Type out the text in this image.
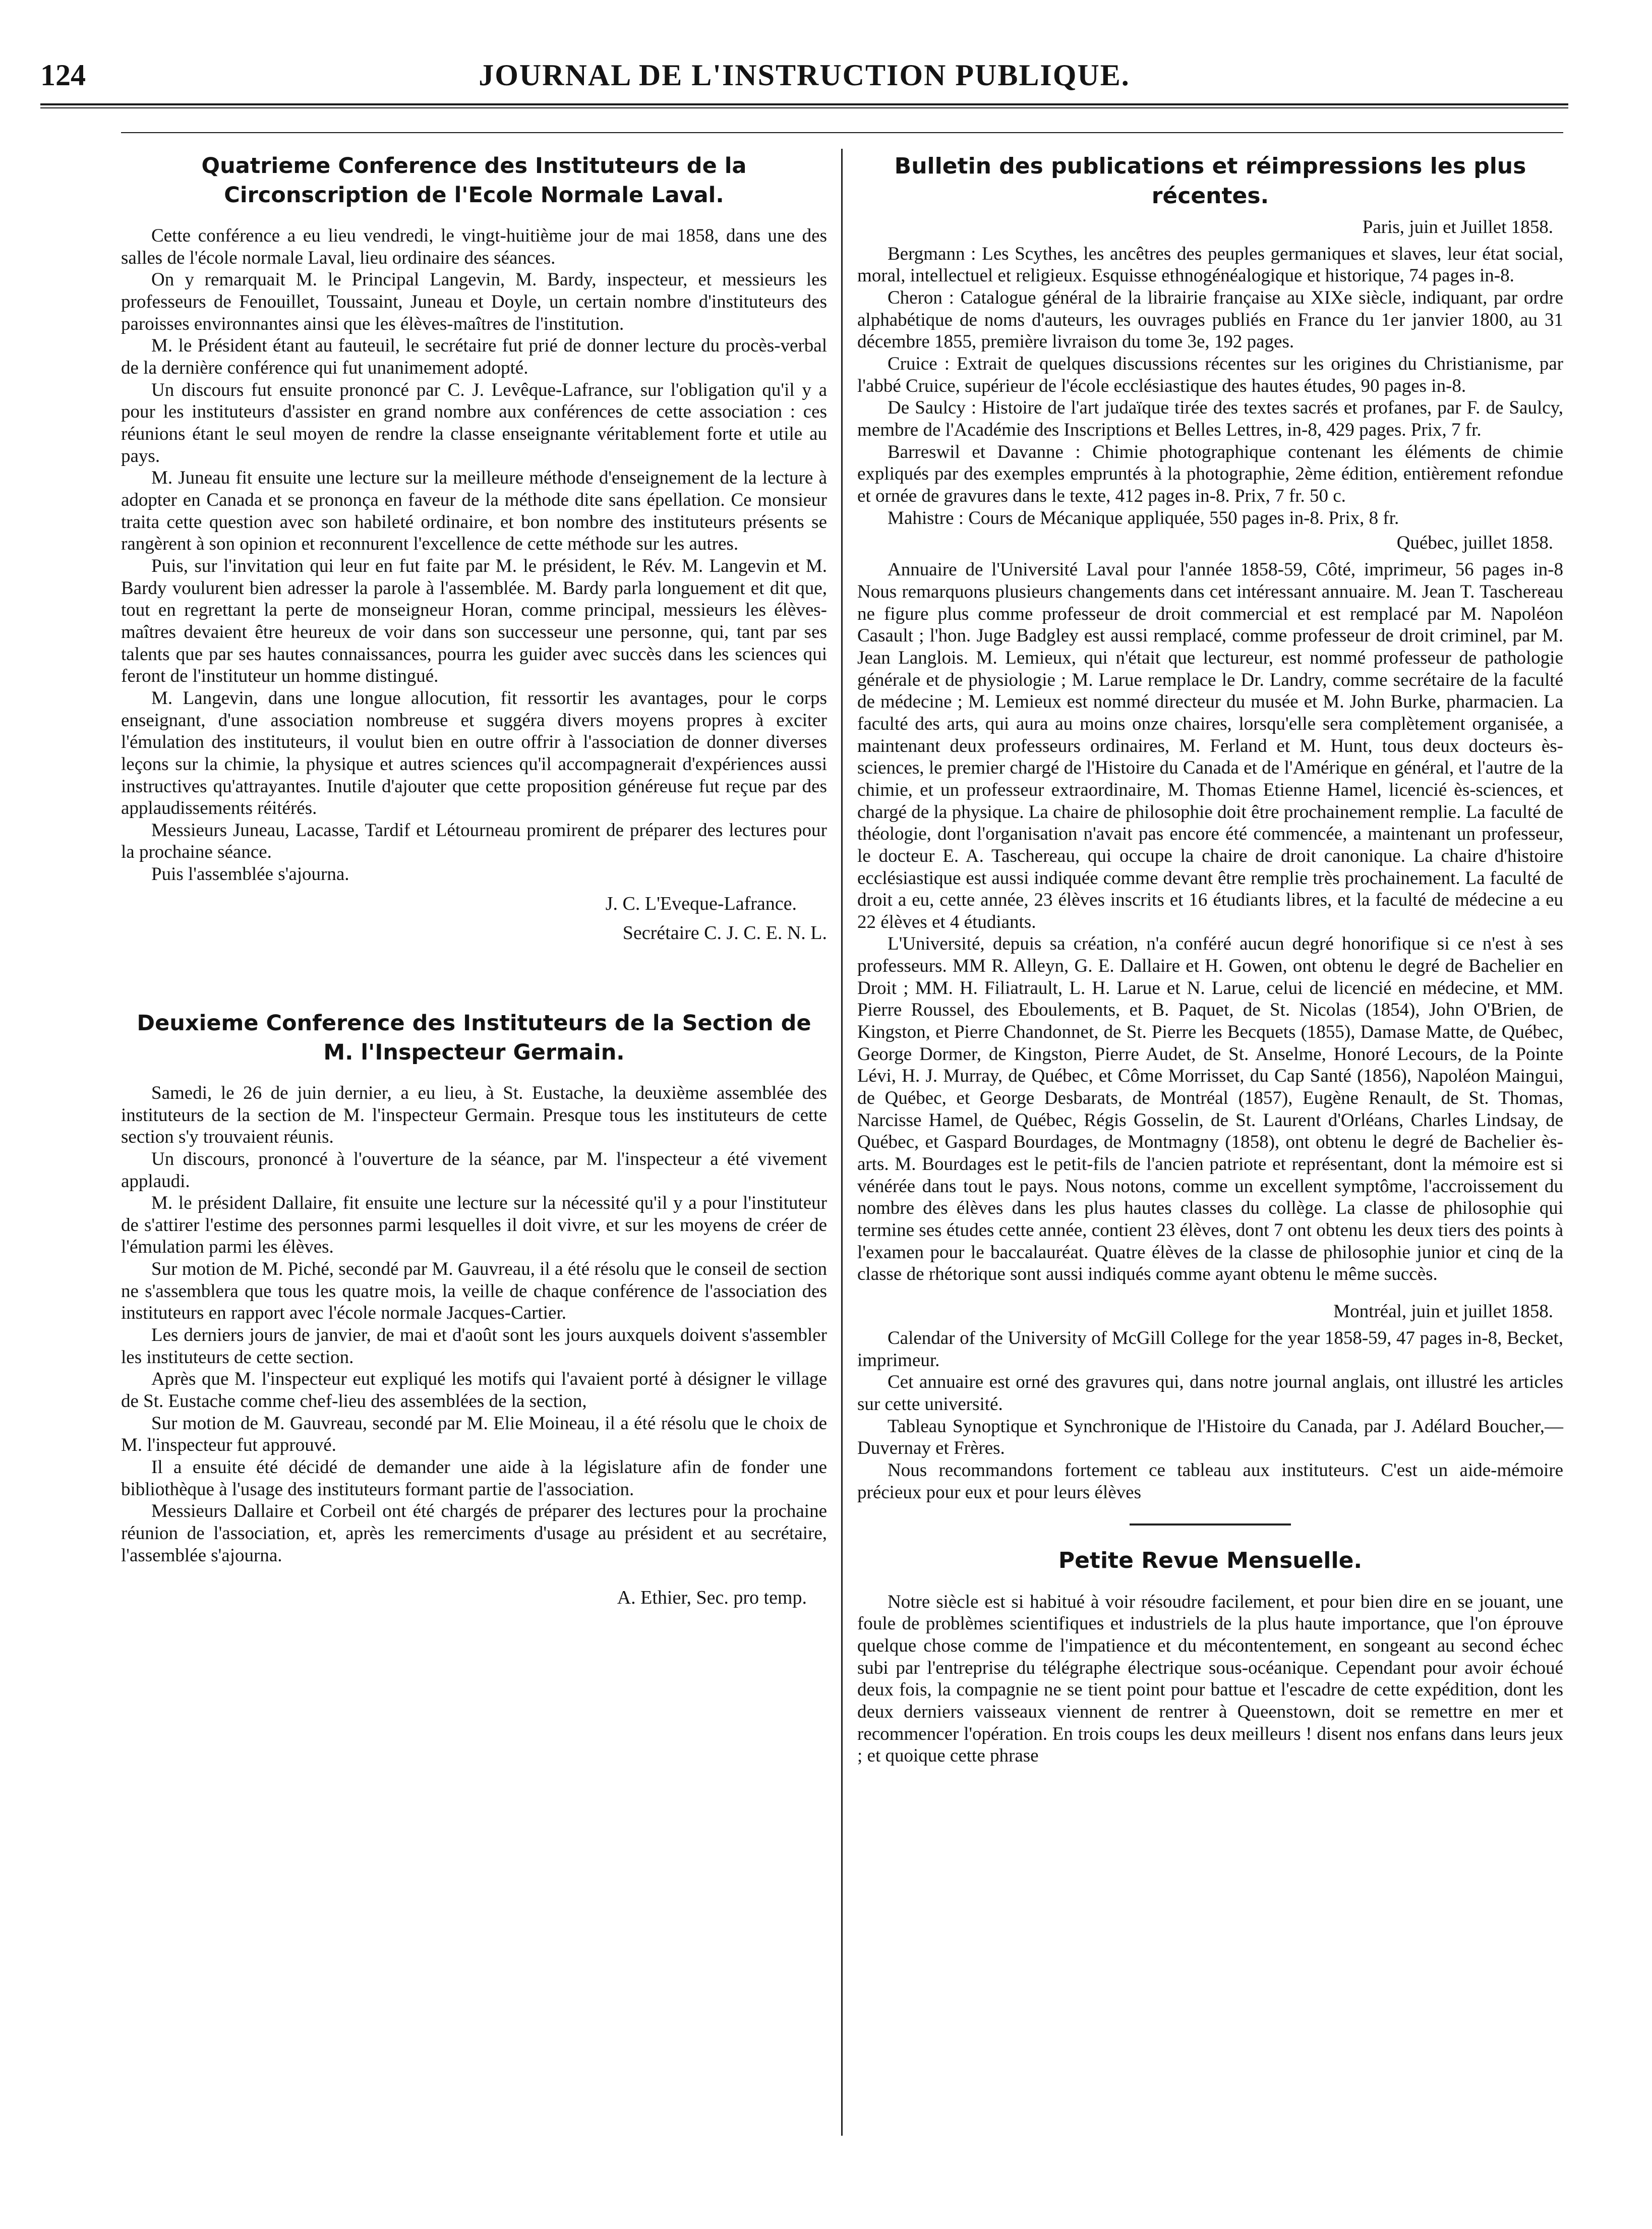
124	JOURNAL DE L'INSTRUCTION PUBLIQUE.
Quatrieme Conference des Instituteurs de la Circonscription de l'Ecole Normale Laval.

Cette conférence a eu lieu vendredi, le vingt-huitième jour de mai 1858, dans une des salles de l'école normale Laval, lieu ordinaire des séances.

On y remarquait M. le Principal Langevin, M. Bardy, inspecteur, et messieurs les professeurs de Fenouillet, Toussaint, Juneau et Doyle, un certain nombre d'instituteurs des paroisses environnantes ainsi que les élèves-maîtres de l'institution.

M. le Président étant au fauteuil, le secrétaire fut prié de donner lecture du procès-verbal de la dernière conférence qui fut unanimement adopté.

Un discours fut ensuite prononcé par C. J. Levêque-Lafrance, sur l'obligation qu'il y a pour les instituteurs d'assister en grand nombre aux conférences de cette association : ces réunions étant le seul moyen de rendre la classe enseignante véritablement forte et utile au pays.

M. Juneau fit ensuite une lecture sur la meilleure méthode d'enseignement de la lecture à adopter en Canada et se prononça en faveur de la méthode dite sans épellation. Ce monsieur traita cette question avec son habileté ordinaire, et bon nombre des instituteurs présents se rangèrent à son opinion et reconnurent l'excellence de cette méthode sur les autres.

Puis, sur l'invitation qui leur en fut faite par M. le président, le Rév. M. Langevin et M. Bardy voulurent bien adresser la parole à l'assemblée. M. Bardy parla longuement et dit que, tout en regrettant la perte de monseigneur Horan, comme principal, messieurs les élèves-maîtres devaient être heureux de voir dans son successeur une personne, qui, tant par ses talents que par ses hautes connaissances, pourra les guider avec succès dans les sciences qui feront de l'instituteur un homme distingué.

M. Langevin, dans une longue allocution, fit ressortir les avantages, pour le corps enseignant, d'une association nombreuse et suggéra divers moyens propres à exciter l'émulation des instituteurs, il voulut bien en outre offrir à l'association de donner diverses leçons sur la chimie, la physique et autres sciences qu'il accompagnerait d'expériences aussi instructives qu'attrayantes. Inutile d'ajouter que cette proposition généreuse fut reçue par des applaudissements réitérés.

Messieurs Juneau, Lacasse, Tardif et Létourneau promirent de préparer des lectures pour la prochaine séance.

Puis l'assemblée s'ajourna.

J. C. L'Eveque-Lafrance.
Secrétaire C. J. C. E. N. L.
Deuxieme Conference des Instituteurs de la Section de M. l'Inspecteur Germain.

Samedi, le 26 de juin dernier, a eu lieu, à St. Eustache, la deuxième assemblée des instituteurs de la section de M. l'inspecteur Germain. Presque tous les instituteurs de cette section s'y trouvaient réunis.

Un discours, prononcé à l'ouverture de la séance, par M. l'inspecteur a été vivement applaudi.

M. le président Dallaire, fit ensuite une lecture sur la nécessité qu'il y a pour l'instituteur de s'attirer l'estime des personnes parmi lesquelles il doit vivre, et sur les moyens de créer de l'émulation parmi les élèves.

Sur motion de M. Piché, secondé par M. Gauvreau, il a été résolu que le conseil de section ne s'assemblera que tous les quatre mois, la veille de chaque conférence de l'association des instituteurs en rapport avec l'école normale Jacques-Cartier.

Les derniers jours de janvier, de mai et d'août sont les jours auxquels doivent s'assembler les instituteurs de cette section.

Après que M. l'inspecteur eut expliqué les motifs qui l'avaient porté à désigner le village de St. Eustache comme chef-lieu des assemblées de la section,

Sur motion de M. Gauvreau, secondé par M. Elie Moineau, il a été résolu que le choix de M. l'inspecteur fut approuvé.

Il a ensuite été décidé de demander une aide à la législature afin de fonder une bibliothèque à l'usage des instituteurs formant partie de l'association.

Messieurs Dallaire et Corbeil ont été chargés de préparer des lectures pour la prochaine réunion de l'association, et, après les remerciments d'usage au président et au secrétaire, l'assemblée s'ajourna.

A. Ethier, Sec. pro temp.
Bulletin des publications et réimpressions les plus récentes.
Paris, juin et Juillet 1858.

Bergmann : Les Scythes, les ancêtres des peuples germaniques et slaves, leur état social, moral, intellectuel et religieux. Esquisse ethnogénéalogique et historique, 74 pages in-8.

Cheron : Catalogue général de la librairie française au XIXe siècle, indiquant, par ordre alphabétique de noms d'auteurs, les ouvrages publiés en France du 1er janvier 1800, au 31 décembre 1855, première livraison du tome 3e, 192 pages.

Cruice : Extrait de quelques discussions récentes sur les origines du Christianisme, par l'abbé Cruice, supérieur de l'école ecclésiastique des hautes études, 90 pages in-8.

De Saulcy : Histoire de l'art judaïque tirée des textes sacrés et profanes, par F. de Saulcy, membre de l'Académie des Inscriptions et Belles Lettres, in-8, 429 pages. Prix, 7 fr.

Barreswil et Davanne : Chimie photographique contenant les éléments de chimie expliqués par des exemples empruntés à la photographie, 2ème édition, entièrement refondue et ornée de gravures dans le texte, 412 pages in-8. Prix, 7 fr. 50 c.

Mahistre : Cours de Mécanique appliquée, 550 pages in-8. Prix, 8 fr.

Québec, juillet 1858.

Annuaire de l'Université Laval pour l'année 1858-59, Côté, imprimeur, 56 pages in-8 Nous remarquons plusieurs changements dans cet intéressant annuaire. M. Jean T. Taschereau ne figure plus comme professeur de droit commercial et est remplacé par M. Napoléon Casault ; l'hon. Juge Badgley est aussi remplacé, comme professeur de droit criminel, par M. Jean Langlois. M. Lemieux, qui n'était que lectureur, est nommé professeur de pathologie générale et de physiologie ; M. Larue remplace le Dr. Landry, comme secrétaire de la faculté de médecine ; M. Lemieux est nommé directeur du musée et M. John Burke, pharmacien. La faculté des arts, qui aura au moins onze chaires, lorsqu'elle sera complètement organisée, a maintenant deux professeurs ordinaires, M. Ferland et M. Hunt, tous deux docteurs ès-sciences, le premier chargé de l'Histoire du Canada et de l'Amérique en général, et l'autre de la chimie, et un professeur extraordinaire, M. Thomas Etienne Hamel, licencié ès-sciences, et chargé de la physique. La chaire de philosophie doit être prochainement remplie. La faculté de théologie, dont l'organisation n'avait pas encore été commencée, a maintenant un professeur, le docteur E. A. Taschereau, qui occupe la chaire de droit canonique. La chaire d'histoire ecclésiastique est aussi indiquée comme devant être remplie très prochainement. La faculté de droit a eu, cette année, 23 élèves inscrits et 16 étudiants libres, et la faculté de médecine a eu 22 élèves et 4 étudiants.

L'Université, depuis sa création, n'a conféré aucun degré honorifique si ce n'est à ses professeurs. MM R. Alleyn, G. E. Dallaire et H. Gowen, ont obtenu le degré de Bachelier en Droit ; MM. H. Filiatrault, L. H. Larue et N. Larue, celui de licencié en médecine, et MM. Pierre Roussel, des Eboulements, et B. Paquet, de St. Nicolas (1854), John O'Brien, de Kingston, et Pierre Chandonnet, de St. Pierre les Becquets (1855), Damase Matte, de Québec, George Dormer, de Kingston, Pierre Audet, de St. Anselme, Honoré Lecours, de la Pointe Lévi, H. J. Murray, de Québec, et Côme Morrisset, du Cap Santé (1856), Napoléon Maingui, de Québec, et George Desbarats, de Montréal (1857), Eugène Renault, de St. Thomas, Narcisse Hamel, de Québec, Régis Gosselin, de St. Laurent d'Orléans, Charles Lindsay, de Québec, et Gaspard Bourdages, de Montmagny (1858), ont obtenu le degré de Bachelier ès-arts. M. Bourdages est le petit-fils de l'ancien patriote et représentant, dont la mémoire est si vénérée dans tout le pays. Nous notons, comme un excellent symptôme, l'accroissement du nombre des élèves dans les plus hautes classes du collège. La classe de philosophie qui termine ses études cette année, contient 23 élèves, dont 7 ont obtenu les deux tiers des points à l'examen pour le baccalauréat. Quatre élèves de la classe de philosophie junior et cinq de la classe de rhétorique sont aussi indiqués comme ayant obtenu le même succès.

Montréal, juin et juillet 1858.

Calendar of the University of McGill College for the year 1858-59, 47 pages in-8, Becket, imprimeur.

Cet annuaire est orné des gravures qui, dans notre journal anglais, ont illustré les articles sur cette université.

Tableau Synoptique et Synchronique de l'Histoire du Canada, par J. Adélard Boucher,—Duvernay et Frères.

Nous recommandons fortement ce tableau aux instituteurs. C'est un aide-mémoire précieux pour eux et pour leurs élèves

Petite Revue Mensuelle.

Notre siècle est si habitué à voir résoudre facilement, et pour bien dire en se jouant, une foule de problèmes scientifiques et industriels de la plus haute importance, que l'on éprouve quelque chose comme de l'impatience et du mécontentement, en songeant au second échec subi par l'entreprise du télégraphe électrique sous-océanique. Cependant pour avoir échoué deux fois, la compagnie ne se tient point pour battue et l'escadre de cette expédition, dont les deux derniers vaisseaux viennent de rentrer à Queenstown, doit se remettre en mer et recommencer l'opération. En trois coups les deux meilleurs ! disent nos enfans dans leurs jeux ; et quoique cette phrase
